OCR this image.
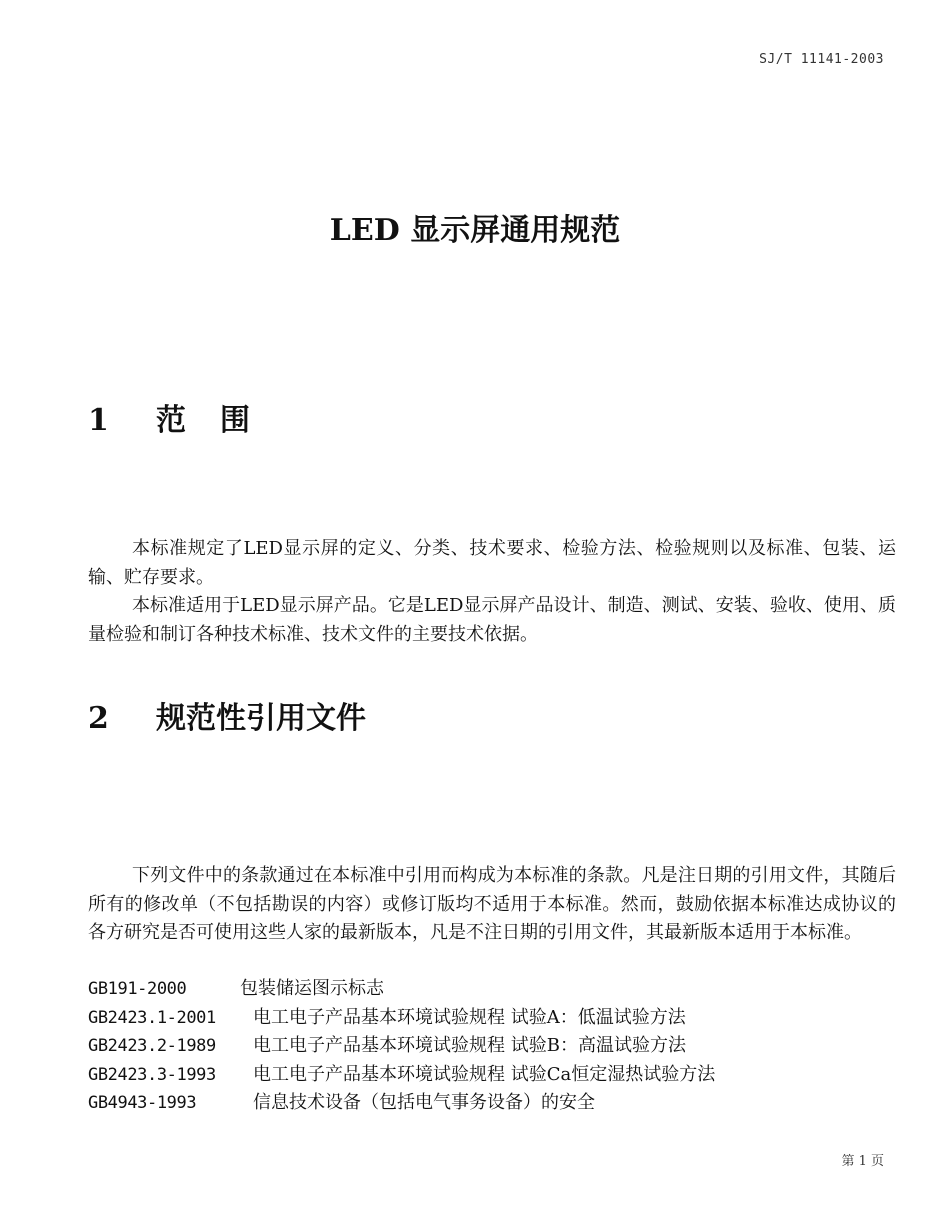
SJ/T 11141-2003
LED 显示屏通用规范
1	范围

本标准规定了LED显示屏的定义、分类、技术要求、检验方法、检验规则以及标准、包装、运输、贮存要求。

本标准适用于LED显示屏产品。它是LED显示屏产品设计、制造、测试、安装、验收、使用、质量检验和制订各种技术标准、技术文件的主要技术依据。

2	规范性引用文件

下列文件中的条款通过在本标准中引用而构成为本标准的条款。凡是注日期的引用文件，其随后所有的修改单（不包括勘误的内容）或修订版均不适用于本标准。然而，鼓励依据本标准达成协议的各方研究是否可使用这些人家的最新版本，凡是不注日期的引用文件，其最新版本适用于本标准。

GB191-2000	包装储运图示标志
GB2423.1-2001 电工电子产品基本环境试验规程 试验A：低温试验方法
GB2423.2-1989 电工电子产品基本环境试验规程 试验B：高温试验方法
GB2423.3-1993 电工电子产品基本环境试验规程 试验Ca恒定湿热试验方法
GB4943-1993	信息技术设备（包括电气事务设备）的安全
第 1 页
